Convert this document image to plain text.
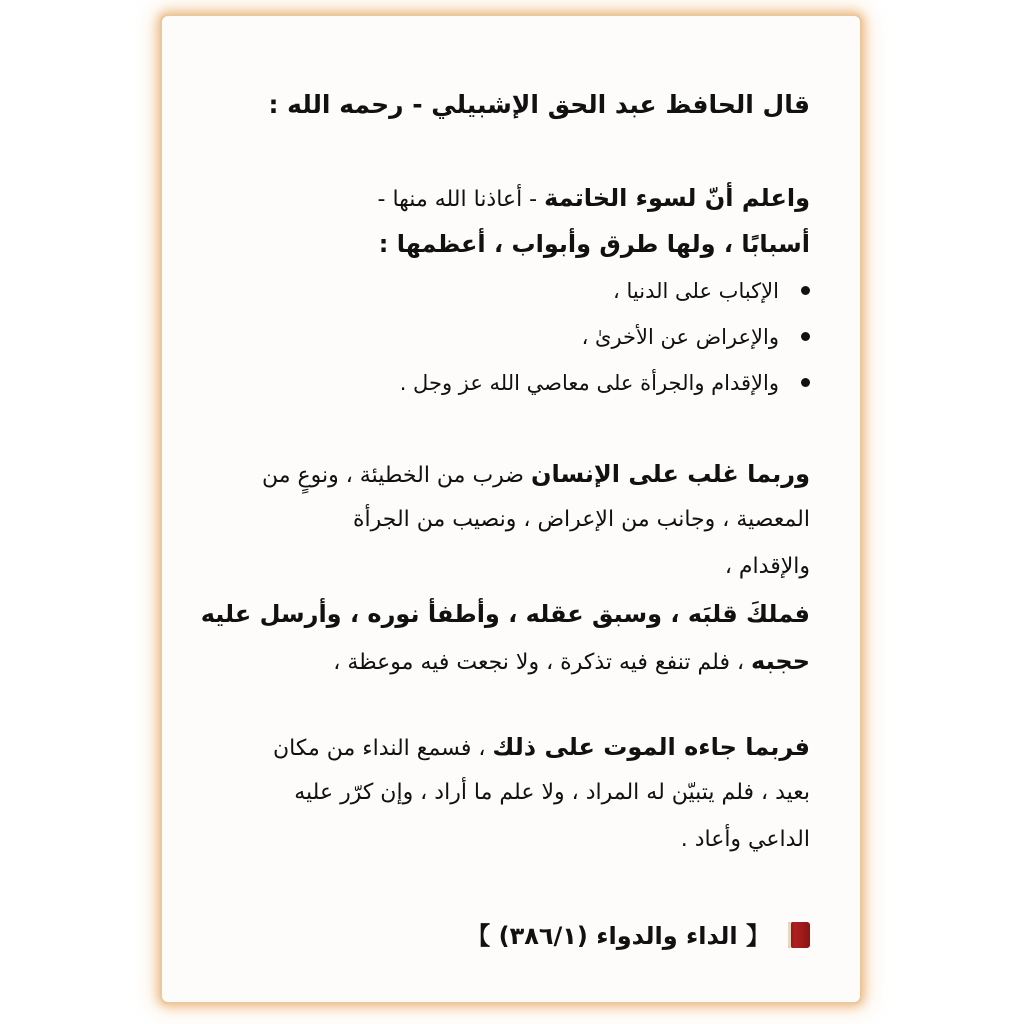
قال الحافظ عبد الحق الإشبيلي - رحمه الله :
واعلم أنّ لسوء الخاتمة - أعاذنا الله منها -
أسبابًا ، ولها طرق وأبواب ، أعظمها :
الإكباب على الدنيا ،
والإعراض عن الأخرىٰ ،
والإقدام والجرأة على معاصي الله عز وجل .
وربما غلب على الإنسان ضرب من الخطيئة ، ونوعٍ من
المعصية ، وجانب من الإعراض ، ونصيب من الجرأة
والإقدام ،
فملكَ قلبَه ، وسبق عقله ، وأطفأ نوره ، وأرسل عليه
حجبه ، فلم تنفع فيه تذكرة ، ولا نجعت فيه موعظة ،
فربما جاءه الموت على ذلك ، فسمع النداء من مكان
بعيد ، فلم يتبيّن له المراد ، ولا علم ما أراد ، وإن كرّر عليه
الداعي وأعاد .
【 الداء والدواء (٣٨٦/١) 】
